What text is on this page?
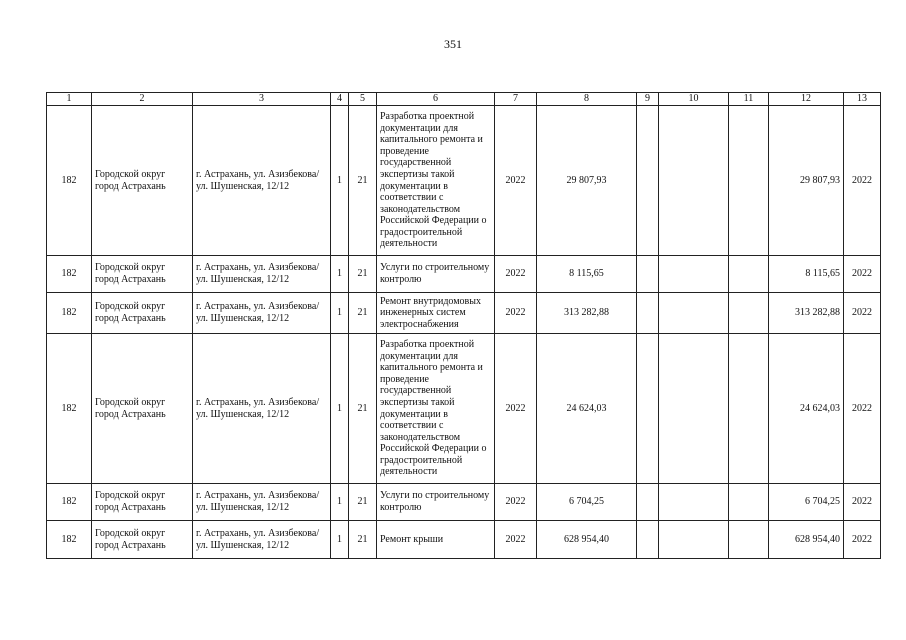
351
1	2	3	4	5	6	7	8	9	10	11	12	13
182	Городской округ город Астрахань	г. Астрахань, ул. Азизбекова/ ул. Шушенская, 12/12	1	21	Разработка проектной документации для капитального ремонта и проведение государственной экспертизы такой документации в соответствии с законодательством Российской Федерации о градостроительной деятельности	2022	29 807,93				29 807,93	2022
182	Городской округ город Астрахань	г. Астрахань, ул. Азизбекова/ ул. Шушенская, 12/12	1	21	Услуги по строительному контролю	2022	8 115,65				8 115,65	2022
182	Городской округ город Астрахань	г. Астрахань, ул. Азизбекова/ ул. Шушенская, 12/12	1	21	Ремонт внутридомовых инженерных систем электроснабжения	2022	313 282,88				313 282,88	2022
182	Городской округ город Астрахань	г. Астрахань, ул. Азизбекова/ ул. Шушенская, 12/12	1	21	Разработка проектной документации для капитального ремонта и проведение государственной экспертизы такой документации в соответствии с законодательством Российской Федерации о градостроительной деятельности	2022	24 624,03				24 624,03	2022
182	Городской округ город Астрахань	г. Астрахань, ул. Азизбекова/ ул. Шушенская, 12/12	1	21	Услуги по строительному контролю	2022	6 704,25				6 704,25	2022
182	Городской округ город Астрахань	г. Астрахань, ул. Азизбекова/ ул. Шушенская, 12/12	1	21	Ремонт крыши	2022	628 954,40				628 954,40	2022
